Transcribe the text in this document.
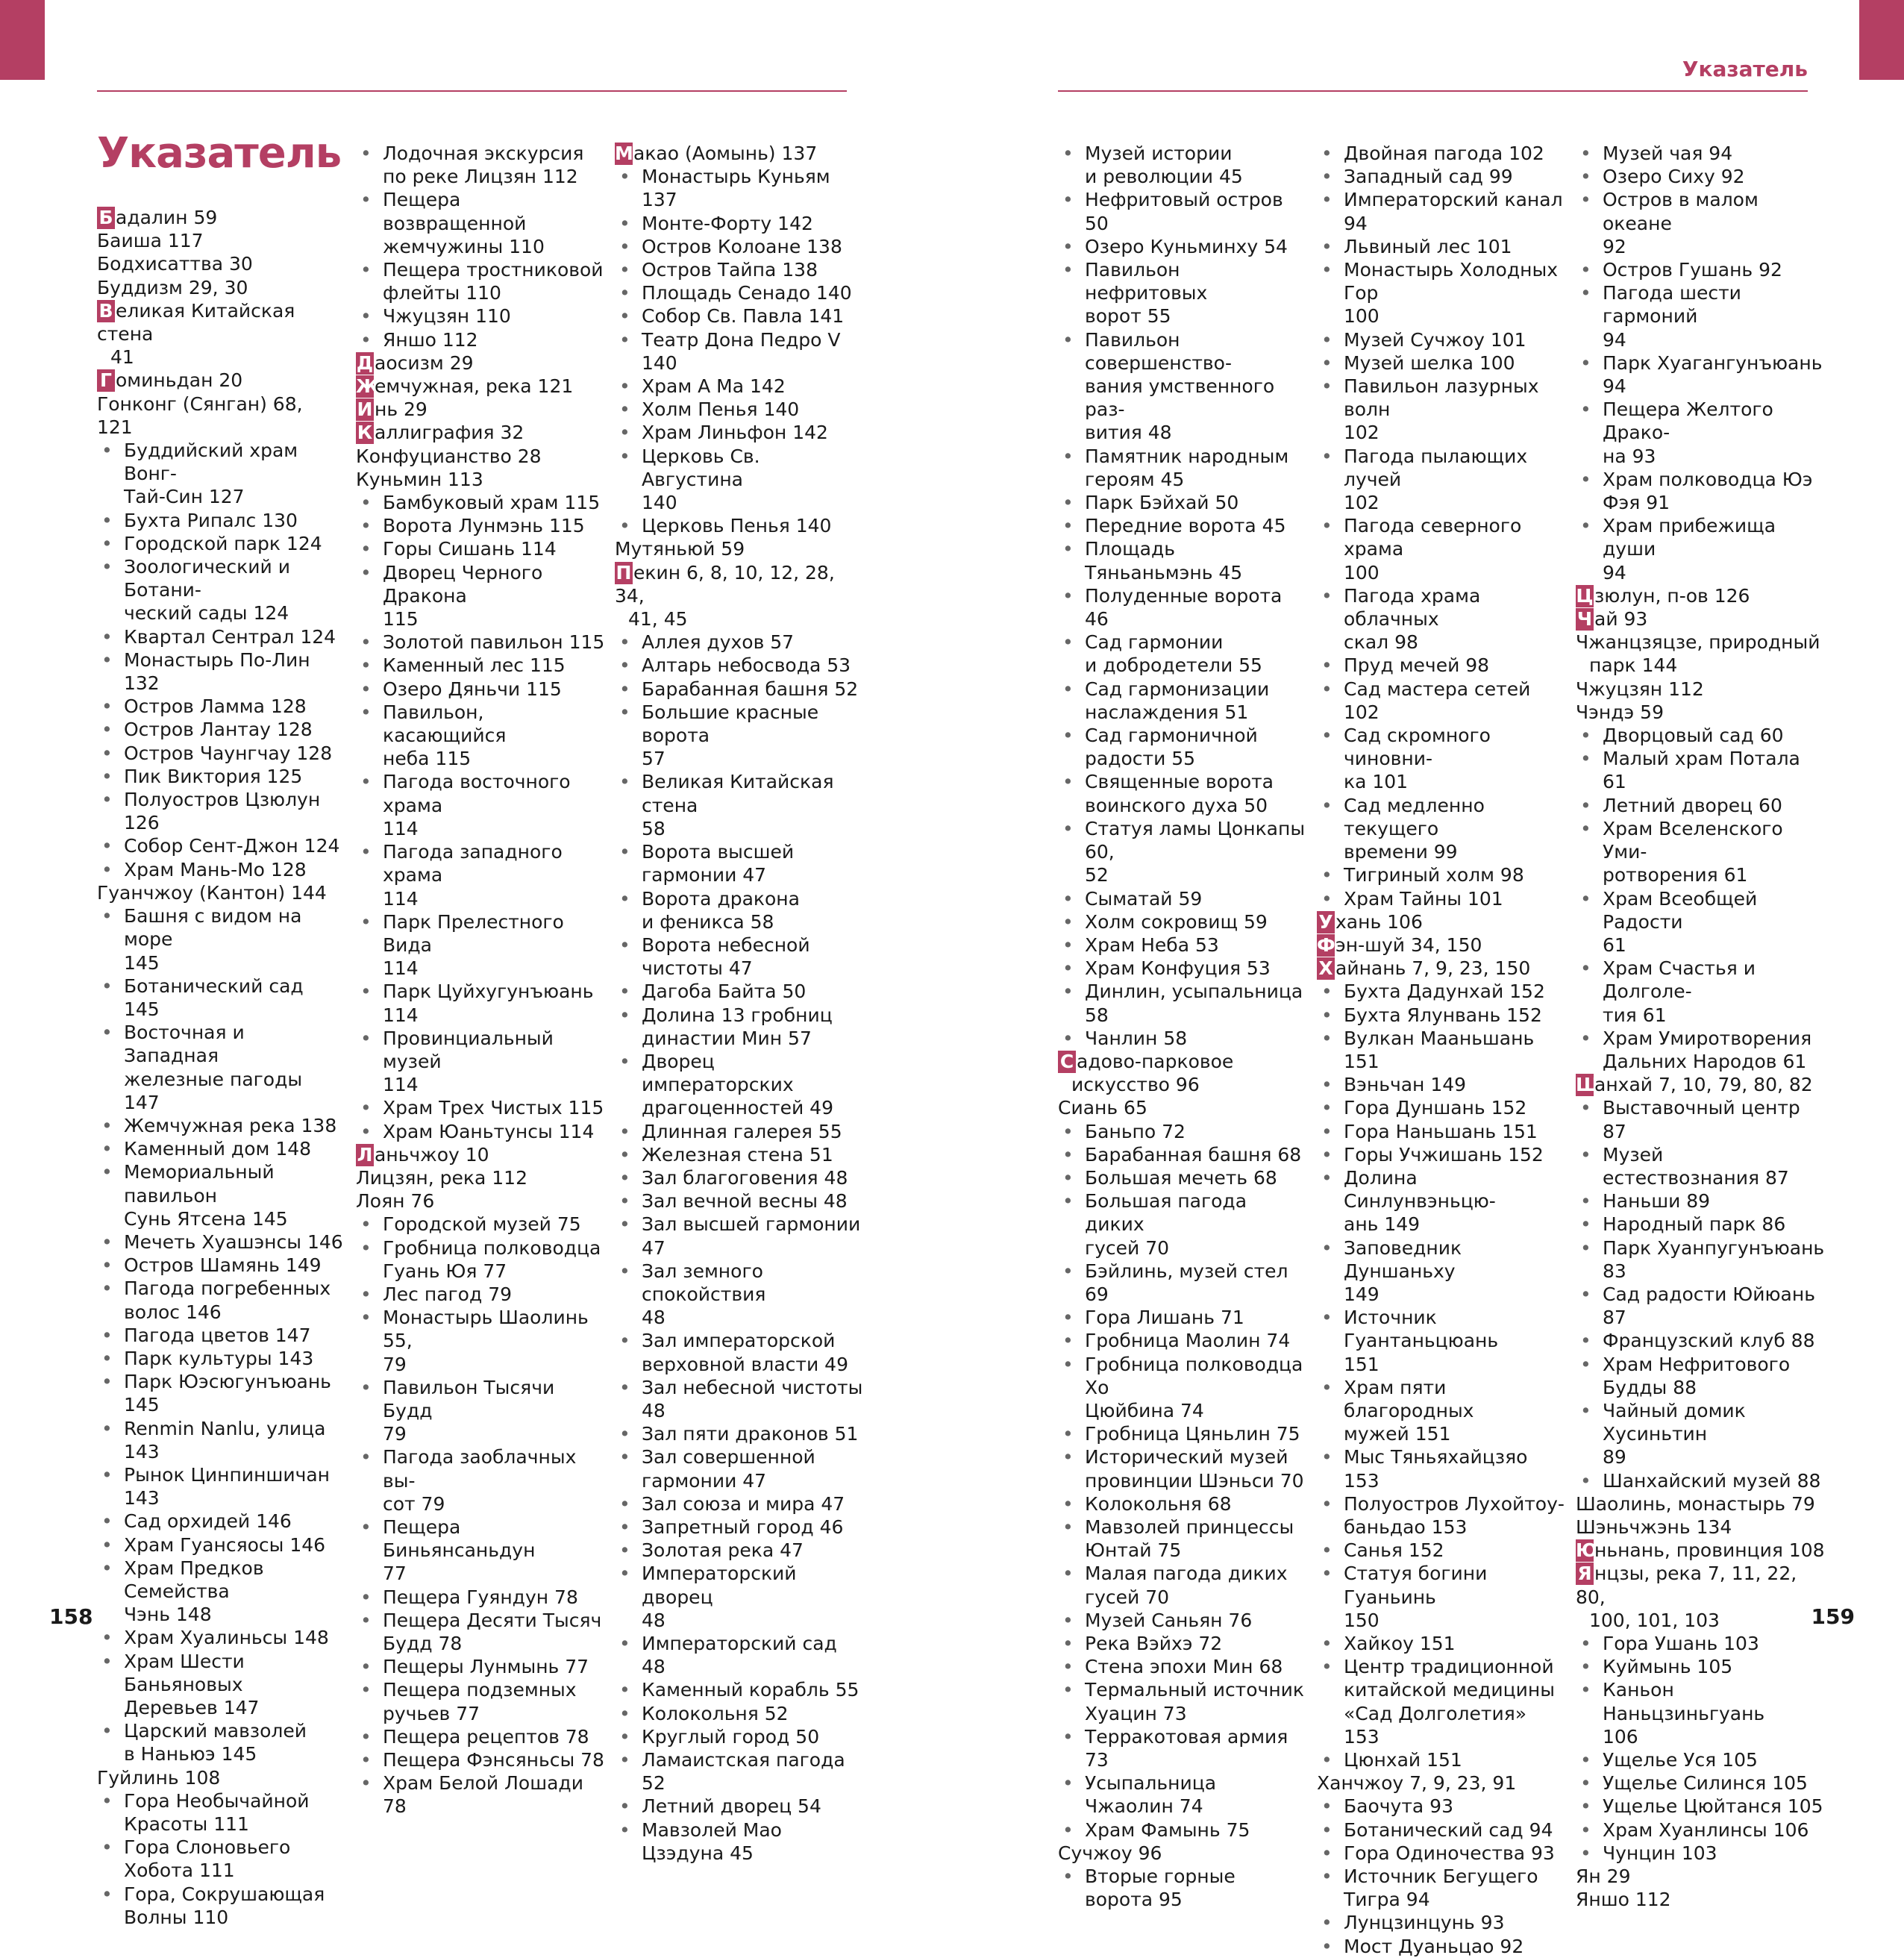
Указатель
Указатель
Б адалин 59
Баиша 117
Бодхисаттва 30
Буддизм 29, 30
В еликая Китайская стена
41
Г оминьдан 20
Гонконг (Сянган) 68, 121
• Буддийский храм Вонг-
Тай-Син 127
• Бухта Рипалс 130
• Городской парк 124
• Зоологический и Ботани-
ческий сады 124
• Квартал Сентрал 124
• Монастырь По-Лин 132
• Остров Ламма 128
• Остров Лантау 128
• Остров Чаунгчау 128
• Пик Виктория 125
• Полуостров Цзюлун 126
• Собор Сент-Джон 124
• Храм Мань-Мо 128
Гуанчжоу (Кантон) 144
• Башня с видом на море
145
• Ботанический сад 145
• Восточная и Западная
железные пагоды 147
• Жемчужная река 138
• Каменный дом 148
• Мемориальный павильон
Сунь Ятсена 145
• Мечеть Хуашэнсы 146
• Остров Шамянь 149
• Пагода погребенных
волос 146
• Пагода цветов 147
• Парк культуры 143
• Парк Юэсюгунъюань 145
• Renmin Nanlu, улица 143
• Рынок Цинпиншичан 143
• Сад орхидей 146
• Храм Гуансяосы 146
• Храм Предков Семейства
Чэнь 148
• Храм Хуалиньсы 148
• Храм Шести Баньяновых
Деревьев 147
• Царский мавзолей
в Наньюэ 145
Гуйлинь 108
• Гора Необычайной
Красоты 111
• Гора Слоновьего
Хобота 111
• Гора, Сокрушающая
Волны 110
• Лодочная экскурсия
по реке Лицзян 112
• Пещера возвращенной
жемчужины 110
• Пещера тростниковой
флейты 110
• Чжуцзян 110
• Яншо 112
Даосизм 29
Жемчужная, река 121
И нь 29
К аллиграфия 32
Конфуцианство 28
Куньмин 113
• Бамбуковый храм 115
• Ворота Лунмэнь 115
• Горы Сишань 114
• Дворец Черного Дракона
115
• Золотой павильон 115
• Каменный лес 115
• Озеро Дяньчи 115
• Павильон, касающийся
неба 115
• Пагода восточного храма
114
• Пагода западного храма
114
• Парк Прелестного Вида
114
• Парк Цуйхугунъюань 114
• Провинциальный музей
114
• Храм Трех Чистых 115
• Храм Юаньтунсы 114
Л аньчжоу 10
Лицзян, река 112
Лоян 76
• Городской музей 75
• Гробница полководца
Гуань Юя 77
• Лес пагод 79
• Монастырь Шаолинь 55,
79
• Павильон Тысячи Будд
79
• Пагода заоблачных вы-
сот 79
• Пещера Биньянсаньдун
77
• Пещера Гуяндун 78
• Пещера Десяти Тысяч
Будд 78
• Пещеры Лунмынь 77
• Пещера подземных
ручьев 77
• Пещера рецептов 78
• Пещера Фэнсяньсы 78
• Храм Белой Лошади 78
Макао (Аомынь) 137
• Монастырь Куньям 137
• Монте-Форту 142
• Остров Колоане 138
• Остров Тайпа 138
• Площадь Сенадо 140
• Собор Св. Павла 141
• Театр Дона Педро V 140
• Храм А Ма 142
• Холм Пенья 140
• Храм Линьфон 142
• Церковь Св. Августина
140
• Церковь Пенья 140
Мутяньюй 59
П екин 6, 8, 10, 12, 28, 34,
41, 45
• Аллея духов 57
• Алтарь небосвода 53
• Барабанная башня 52
• Большие красные ворота
57
• Великая Китайская стена
58
• Ворота высшей
гармонии 47
• Ворота дракона
и феникса 58
• Ворота небесной
чистоты 47
• Дагоба Байта 50
• Долина 13 гробниц
династии Мин 57
• Дворец императорских
драгоценностей 49
• Длинная галерея 55
• Железная стена 51
• Зал благоговения 48
• Зал вечной весны 48
• Зал высшей гармонии 47
• Зал земного спокойствия
48
• Зал императорской
верховной власти 49
• Зал небесной чистоты 48
• Зал пяти драконов 51
• Зал совершенной
гармонии 47
• Зал союза и мира 47
• Запретный город 46
• Золотая река 47
• Императорский дворец
48
• Императорский сад 48
• Каменный корабль 55
• Колокольня 52
• Круглый город 50
• Ламаистская пагода 52
• Летний дворец 54
• Мавзолей Мао
Цзэдуна 45
• Музей истории
и революции 45
• Нефритовый остров 50
• Озеро Куньминху 54
• Павильон нефритовых
ворот 55
• Павильон совершенство-
вания умственного раз-
вития 48
• Памятник народным
героям 45
• Парк Бэйхай 50
• Передние ворота 45
• Площадь Тяньаньмэнь 45
• Полуденные ворота 46
• Сад гармонии
и добродетели 55
• Сад гармонизации
наслаждения 51
• Сад гармоничной
радости 55
• Священные ворота
воинского духа 50
• Статуя ламы Цонкапы 60,
52
• Сыматай 59
• Холм сокровищ 59
• Храм Неба 53
• Храм Конфуция 53
• Динлин, усыпальница 58
• Чанлин 58
С адово-парковое
искусство 96
Сиань 65
• Баньпо 72
• Барабанная башня 68
• Большая мечеть 68
• Большая пагода диких
гусей 70
• Бэйлинь, музей стел 69
• Гора Лишань 71
• Гробница Маолин 74
• Гробница полководца Хо
Цюйбина 74
• Гробница Цяньлин 75
• Исторический музей
провинции Шэньси 70
• Колокольня 68
• Мавзолей принцессы
Юнтай 75
• Малая пагода диких
гусей 70
• Музей Саньян 76
• Река Вэйхэ 72
• Стена эпохи Мин 68
• Термальный источник
Хуацин 73
• Терракотовая армия 73
• Усыпальница Чжаолин 74
• Храм Фамынь 75
Сучжоу 96
• Вторые горные ворота 95
• Двойная пагода 102
• Западный сад 99
• Императорский канал 94
• Львиный лес 101
• Монастырь Холодных Гор
100
• Музей Сучжоу 101
• Музей шелка 100
• Павильон лазурных волн
102
• Пагода пылающих лучей
102
• Пагода северного храма
100
• Пагода храма облачных
скал 98
• Пруд мечей 98
• Сад мастера сетей 102
• Сад скромного чиновни-
ка 101
• Сад медленно текущего
времени 99
• Тигриный холм 98
• Храм Тайны 101
У хань 106
Фэн-шуй 34, 150
Х айнань 7, 9, 23, 150
• Бухта Дадунхай 152
• Бухта Ялунвань 152
• Вулкан Мааньшань 151
• Вэньчан 149
• Гора Дуншань 152
• Гора Наньшань 151
• Горы Учжишань 152
• Долина Синлунвэньцю-
ань 149
• Заповедник Дуншаньху
149
• Источник Гуантаньцюань
151
• Храм пяти благородных
мужей 151
• Мыс Тяньяхайцзяо 153
• Полуостров Лухойтоу-
баньдао 153
• Санья 152
• Статуя богини Гуаньинь
150
• Хайкоу 151
• Центр традиционной
китайской медицины
«Сад Долголетия» 153
• Цюнхай 151
Ханчжоу 7, 9, 23, 91
• Баочута 93
• Ботанический сад 94
• Гора Одиночества 93
• Источник Бегущего
Тигра 94
• Лунцзинцунь 93
• Мост Дуаньцао 92
• Музей чая 94
• Озеро Сиху 92
• Остров в малом океане
92
• Остров Гушань 92
• Пагода шести гармоний
94
• Парк Хуагангунъюань 94
• Пещера Желтого Драко-
на 93
• Храм полководца Юэ
Фэя 91
• Храм прибежища души
94
Цзюлун, п-ов 126
Ч ай 93
Чжанцзяцзе, природный
парк 144
Чжуцзян 112
Чэндэ 59
• Дворцовый сад 60
• Малый храм Потала 61
• Летний дворец 60
• Храм Вселенского Уми-
ротворения 61
• Храм Всеобщей Радости
61
• Храм Счастья и Долголе-
тия 61
• Храм Умиротворения
Дальних Народов 61
Шанхай 7, 10, 79, 80, 82
• Выставочный центр 87
• Музей естествознания 87
• Наньши 89
• Народный парк 86
• Парк Хуанпугунъюань 83
• Сад радости Юйюань 87
• Французский клуб 88
• Храм Нефритового
Будды 88
• Чайный домик Хусиньтин
89
• Шанхайский музей 88
Шаолинь, монастырь 79
Шэньчжэнь 134
Юньнань, провинция 108
Я нцзы, река 7, 11, 22, 80,
100, 101, 103
• Гора Ушань 103
• Куймынь 105
• Каньон Наньцзиньгуань
106
• Ущелье Уся 105
• Ущелье Силинся 105
• Ущелье Цюйтанся 105
• Храм Хуанлинсы 106
• Чунцин 103
Ян 29
Яншо 112
158	159
